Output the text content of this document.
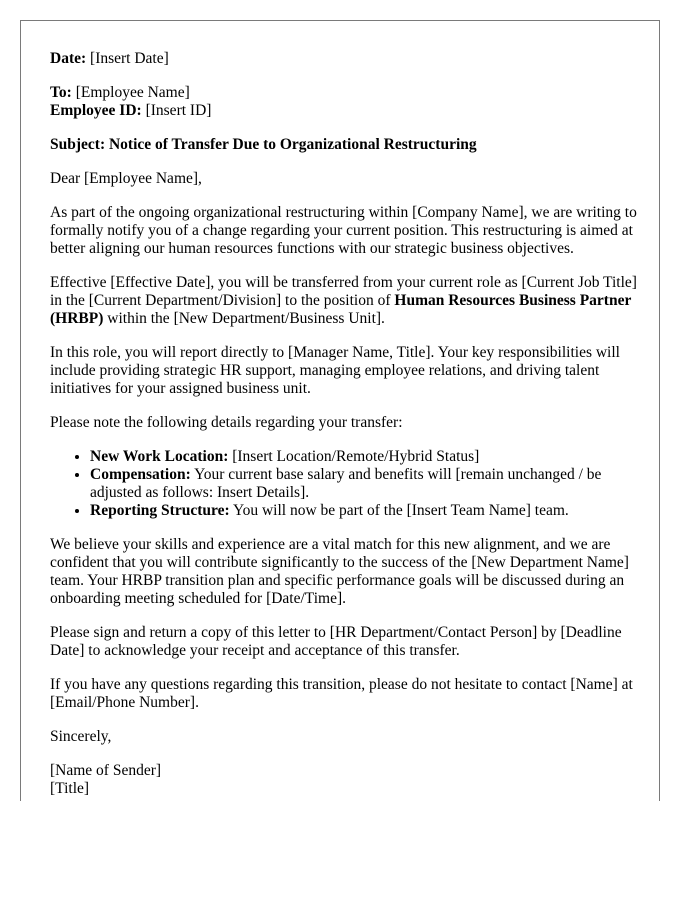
Date: [Insert Date]

To: [Employee Name]

Employee ID: [Insert ID]

Subject: Notice of Transfer Due to Organizational Restructuring

Dear [Employee Name],

As part of the ongoing organizational restructuring within [Company Name], we are writing to formally notify you of a change regarding your current position. This restructuring is aimed at better aligning our human resources functions with our strategic business objectives.

Effective [Effective Date], you will be transferred from your current role as [Current Job Title] in the [Current Department/Division] to the position of Human Resources Business Partner (HRBP) within the [New Department/Business Unit].

In this role, you will report directly to [Manager Name, Title]. Your key responsibilities will include providing strategic HR support, managing employee relations, and driving talent initiatives for your assigned business unit.

Please note the following details regarding your transfer:

• New Work Location: [Insert Location/Remote/Hybrid Status]
• Compensation: Your current base salary and benefits will [remain unchanged / be adjusted as follows: Insert Details].
• Reporting Structure: You will now be part of the [Insert Team Name] team.

We believe your skills and experience are a vital match for this new alignment, and we are confident that you will contribute significantly to the success of the [New Department Name] team. Your HRBP transition plan and specific performance goals will be discussed during an onboarding meeting scheduled for [Date/Time].

Please sign and return a copy of this letter to [HR Department/Contact Person] by [Deadline Date] to acknowledge your receipt and acceptance of this transfer.

If you have any questions regarding this transition, please do not hesitate to contact [Name] at [Email/Phone Number].

Sincerely,

[Name of Sender]

[Title]
